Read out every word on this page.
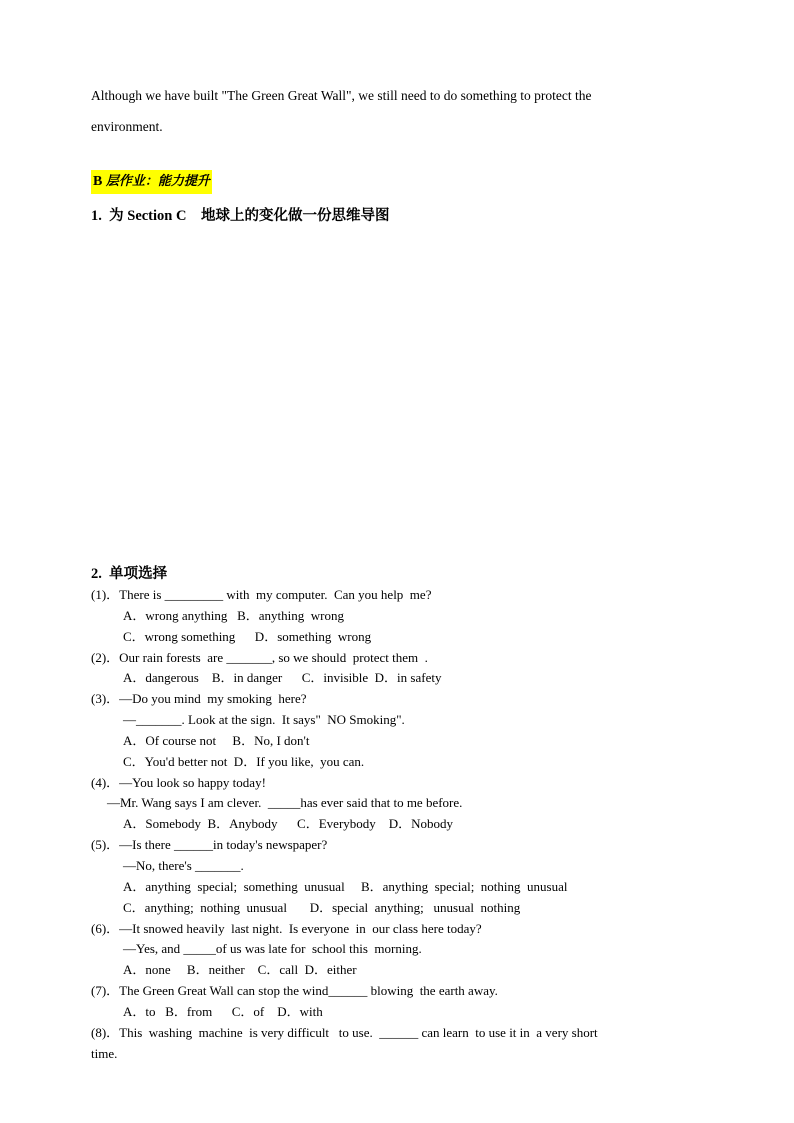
Although we have built "The Green Great Wall", we still need to do something to protect the
environment.
B 层作业：能力提升
1.  为 Section C    地球上的变化做一份思维导图
2.  单项选择
(1)．There is _________ with  my computer.  Can you help  me?
A．wrong anything   B．anything  wrong
C．wrong something      D．something  wrong
(2)．Our rain forests  are _______, so we should  protect them  .
A．dangerous    B．in danger      C．invisible  D．in safety
(3)．—Do you mind  my smoking  here?
—_______. Look at the sign.  It says"  NO Smoking".
A．Of course not     B．No, I don't
C．You'd better not  D．If you like,  you can.
(4)．—You look so happy today!
—Mr. Wang says I am clever.  _____has ever said that to me before.
A．Somebody  B．Anybody      C．Everybody    D．Nobody
(5)．—Is there ______in today's newspaper?
—No, there's _______.
A．anything  special;  something  unusual     B．anything  special;  nothing  unusual
C．anything;  nothing  unusual       D．special  anything;   unusual  nothing
(6)．—It snowed heavily  last night.  Is everyone  in  our class here today?
—Yes, and _____of us was late for  school this  morning.
A．none     B．neither    C．call  D．either
(7)．The Green Great Wall can stop the wind______ blowing  the earth away.
A．to   B．from      C．of    D．with
(8)．This  washing  machine  is very difficult   to use.  ______ can learn  to use it in  a very short
time.
